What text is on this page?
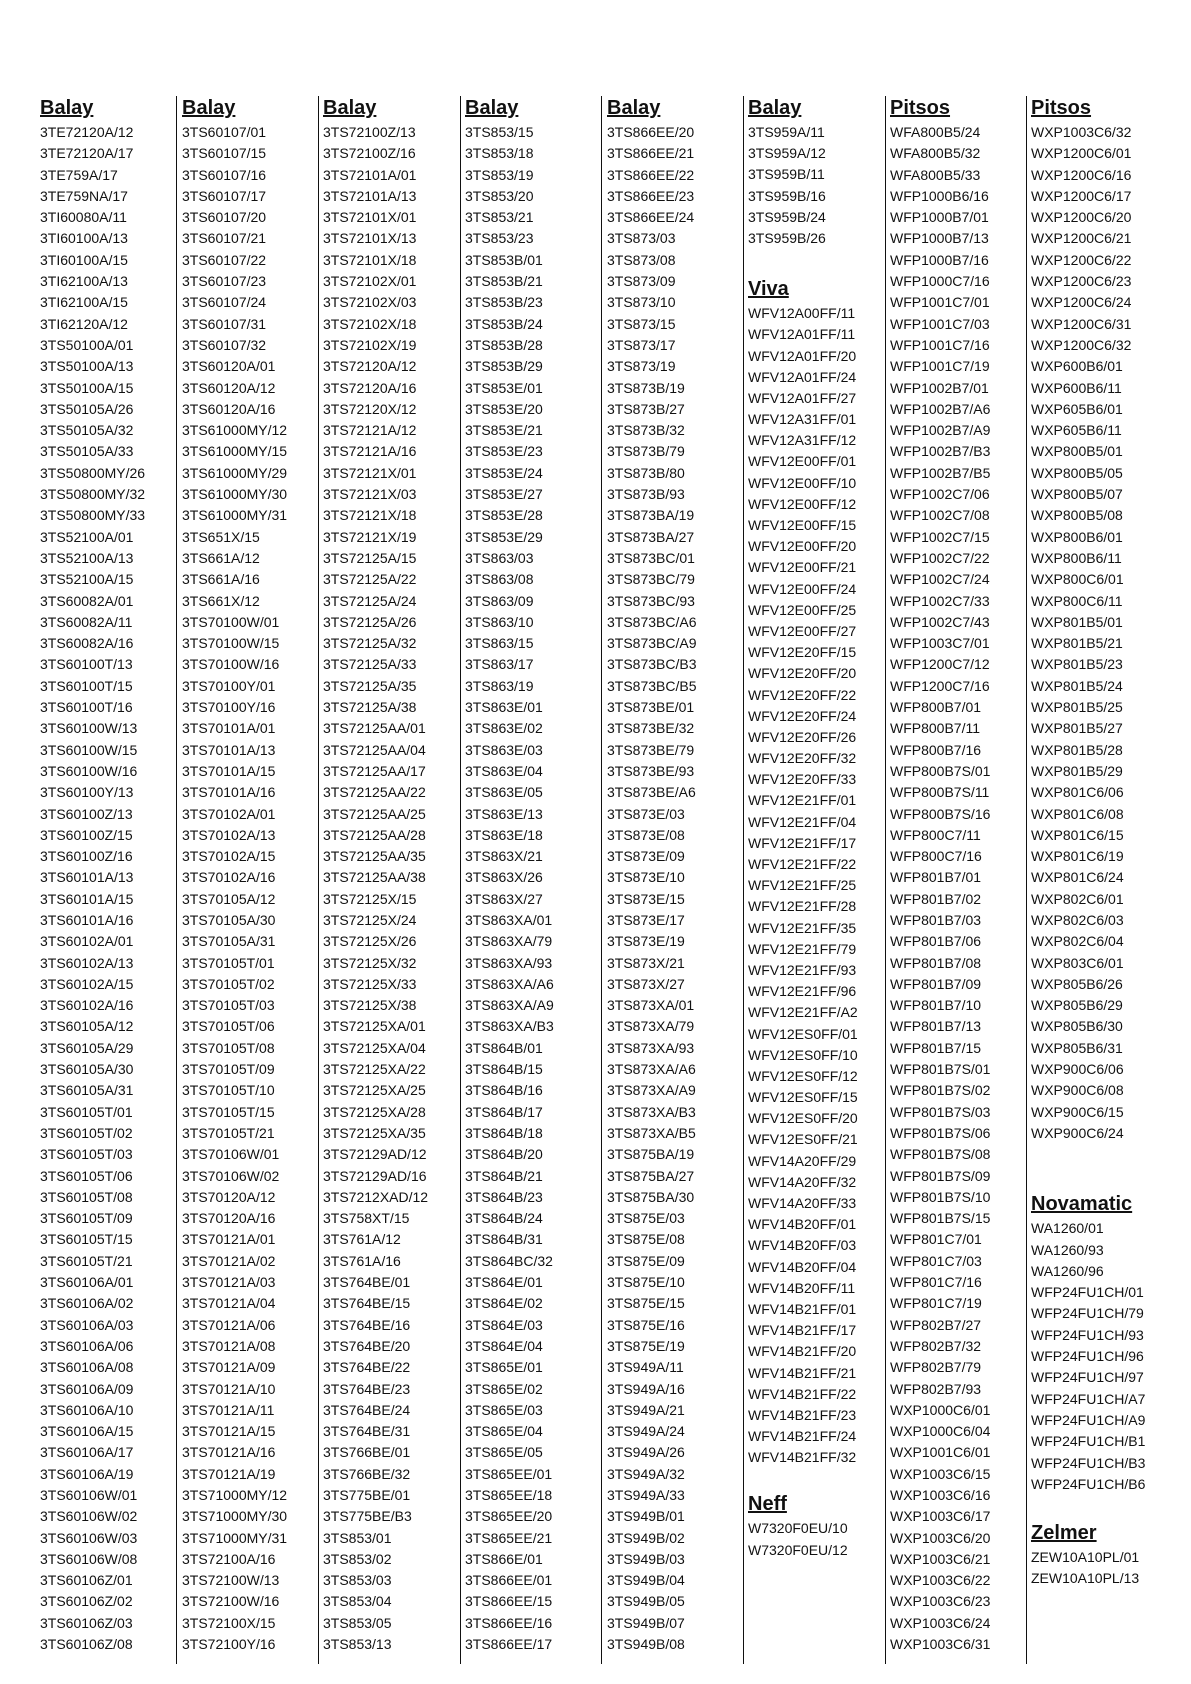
Balay
3TE72120A/12
3TE72120A/17
3TE759A/17
3TE759NA/17
3TI60080A/11
3TI60100A/13
3TI60100A/15
3TI62100A/13
3TI62100A/15
3TI62120A/12
3TS50100A/01
3TS50100A/13
3TS50100A/15
3TS50105A/26
3TS50105A/32
3TS50105A/33
3TS50800MY/26
3TS50800MY/32
3TS50800MY/33
3TS52100A/01
3TS52100A/13
3TS52100A/15
3TS60082A/01
3TS60082A/11
3TS60082A/16
3TS60100T/13
3TS60100T/15
3TS60100T/16
3TS60100W/13
3TS60100W/15
3TS60100W/16
3TS60100Y/13
3TS60100Z/13
3TS60100Z/15
3TS60100Z/16
3TS60101A/13
3TS60101A/15
3TS60101A/16
3TS60102A/01
3TS60102A/13
3TS60102A/15
3TS60102A/16
3TS60105A/12
3TS60105A/29
3TS60105A/30
3TS60105A/31
3TS60105T/01
3TS60105T/02
3TS60105T/03
3TS60105T/06
3TS60105T/08
3TS60105T/09
3TS60105T/15
3TS60105T/21
3TS60106A/01
3TS60106A/02
3TS60106A/03
3TS60106A/06
3TS60106A/08
3TS60106A/09
3TS60106A/10
3TS60106A/15
3TS60106A/17
3TS60106A/19
3TS60106W/01
3TS60106W/02
3TS60106W/03
3TS60106W/08
3TS60106Z/01
3TS60106Z/02
3TS60106Z/03
3TS60106Z/08
Balay
3TS60107/01
3TS60107/15
3TS60107/16
3TS60107/17
3TS60107/20
3TS60107/21
3TS60107/22
3TS60107/23
3TS60107/24
3TS60107/31
3TS60107/32
3TS60120A/01
3TS60120A/12
3TS60120A/16
3TS61000MY/12
3TS61000MY/15
3TS61000MY/29
3TS61000MY/30
3TS61000MY/31
3TS651X/15
3TS661A/12
3TS661A/16
3TS661X/12
3TS70100W/01
3TS70100W/15
3TS70100W/16
3TS70100Y/01
3TS70100Y/16
3TS70101A/01
3TS70101A/13
3TS70101A/15
3TS70101A/16
3TS70102A/01
3TS70102A/13
3TS70102A/15
3TS70102A/16
3TS70105A/12
3TS70105A/30
3TS70105A/31
3TS70105T/01
3TS70105T/02
3TS70105T/03
3TS70105T/06
3TS70105T/08
3TS70105T/09
3TS70105T/10
3TS70105T/15
3TS70105T/21
3TS70106W/01
3TS70106W/02
3TS70120A/12
3TS70120A/16
3TS70121A/01
3TS70121A/02
3TS70121A/03
3TS70121A/04
3TS70121A/06
3TS70121A/08
3TS70121A/09
3TS70121A/10
3TS70121A/11
3TS70121A/15
3TS70121A/16
3TS70121A/19
3TS71000MY/12
3TS71000MY/30
3TS71000MY/31
3TS72100A/16
3TS72100W/13
3TS72100W/16
3TS72100X/15
3TS72100Y/16
Balay
3TS72100Z/13
3TS72100Z/16
3TS72101A/01
3TS72101A/13
3TS72101X/01
3TS72101X/13
3TS72101X/18
3TS72102X/01
3TS72102X/03
3TS72102X/18
3TS72102X/19
3TS72120A/12
3TS72120A/16
3TS72120X/12
3TS72121A/12
3TS72121A/16
3TS72121X/01
3TS72121X/03
3TS72121X/18
3TS72121X/19
3TS72125A/15
3TS72125A/22
3TS72125A/24
3TS72125A/26
3TS72125A/32
3TS72125A/33
3TS72125A/35
3TS72125A/38
3TS72125AA/01
3TS72125AA/04
3TS72125AA/17
3TS72125AA/22
3TS72125AA/25
3TS72125AA/28
3TS72125AA/35
3TS72125AA/38
3TS72125X/15
3TS72125X/24
3TS72125X/26
3TS72125X/32
3TS72125X/33
3TS72125X/38
3TS72125XA/01
3TS72125XA/04
3TS72125XA/22
3TS72125XA/25
3TS72125XA/28
3TS72125XA/35
3TS72129AD/12
3TS72129AD/16
3TS7212XAD/12
3TS758XT/15
3TS761A/12
3TS761A/16
3TS764BE/01
3TS764BE/15
3TS764BE/16
3TS764BE/20
3TS764BE/22
3TS764BE/23
3TS764BE/24
3TS764BE/31
3TS766BE/01
3TS766BE/32
3TS775BE/01
3TS775BE/B3
3TS853/01
3TS853/02
3TS853/03
3TS853/04
3TS853/05
3TS853/13
Balay
3TS853/15
3TS853/18
3TS853/19
3TS853/20
3TS853/21
3TS853/23
3TS853B/01
3TS853B/21
3TS853B/23
3TS853B/24
3TS853B/28
3TS853B/29
3TS853E/01
3TS853E/20
3TS853E/21
3TS853E/23
3TS853E/24
3TS853E/27
3TS853E/28
3TS853E/29
3TS863/03
3TS863/08
3TS863/09
3TS863/10
3TS863/15
3TS863/17
3TS863/19
3TS863E/01
3TS863E/02
3TS863E/03
3TS863E/04
3TS863E/05
3TS863E/13
3TS863E/18
3TS863X/21
3TS863X/26
3TS863X/27
3TS863XA/01
3TS863XA/79
3TS863XA/93
3TS863XA/A6
3TS863XA/A9
3TS863XA/B3
3TS864B/01
3TS864B/15
3TS864B/16
3TS864B/17
3TS864B/18
3TS864B/20
3TS864B/21
3TS864B/23
3TS864B/24
3TS864B/31
3TS864BC/32
3TS864E/01
3TS864E/02
3TS864E/03
3TS864E/04
3TS865E/01
3TS865E/02
3TS865E/03
3TS865E/04
3TS865E/05
3TS865EE/01
3TS865EE/18
3TS865EE/20
3TS865EE/21
3TS866E/01
3TS866EE/01
3TS866EE/15
3TS866EE/16
3TS866EE/17
Balay
3TS866EE/20
3TS866EE/21
3TS866EE/22
3TS866EE/23
3TS866EE/24
3TS873/03
3TS873/08
3TS873/09
3TS873/10
3TS873/15
3TS873/17
3TS873/19
3TS873B/19
3TS873B/27
3TS873B/32
3TS873B/79
3TS873B/80
3TS873B/93
3TS873BA/19
3TS873BA/27
3TS873BC/01
3TS873BC/79
3TS873BC/93
3TS873BC/A6
3TS873BC/A9
3TS873BC/B3
3TS873BC/B5
3TS873BE/01
3TS873BE/32
3TS873BE/79
3TS873BE/93
3TS873BE/A6
3TS873E/03
3TS873E/08
3TS873E/09
3TS873E/10
3TS873E/15
3TS873E/17
3TS873E/19
3TS873X/21
3TS873X/27
3TS873XA/01
3TS873XA/79
3TS873XA/93
3TS873XA/A6
3TS873XA/A9
3TS873XA/B3
3TS873XA/B5
3TS875BA/19
3TS875BA/27
3TS875BA/30
3TS875E/03
3TS875E/08
3TS875E/09
3TS875E/10
3TS875E/15
3TS875E/16
3TS875E/19
3TS949A/11
3TS949A/16
3TS949A/21
3TS949A/24
3TS949A/26
3TS949A/32
3TS949A/33
3TS949B/01
3TS949B/02
3TS949B/03
3TS949B/04
3TS949B/05
3TS949B/07
3TS949B/08
Balay
3TS959A/11
3TS959A/12
3TS959B/11
3TS959B/16
3TS959B/24
3TS959B/26
Viva
WFV12A00FF/11
WFV12A01FF/11
WFV12A01FF/20
WFV12A01FF/24
WFV12A01FF/27
WFV12A31FF/01
WFV12A31FF/12
WFV12E00FF/01
WFV12E00FF/10
WFV12E00FF/12
WFV12E00FF/15
WFV12E00FF/20
WFV12E00FF/21
WFV12E00FF/24
WFV12E00FF/25
WFV12E00FF/27
WFV12E20FF/15
WFV12E20FF/20
WFV12E20FF/22
WFV12E20FF/24
WFV12E20FF/26
WFV12E20FF/32
WFV12E20FF/33
WFV12E21FF/01
WFV12E21FF/04
WFV12E21FF/17
WFV12E21FF/22
WFV12E21FF/25
WFV12E21FF/28
WFV12E21FF/35
WFV12E21FF/79
WFV12E21FF/93
WFV12E21FF/96
WFV12E21FF/A2
WFV12ES0FF/01
WFV12ES0FF/10
WFV12ES0FF/12
WFV12ES0FF/15
WFV12ES0FF/20
WFV12ES0FF/21
WFV14A20FF/29
WFV14A20FF/32
WFV14A20FF/33
WFV14B20FF/01
WFV14B20FF/03
WFV14B20FF/04
WFV14B20FF/11
WFV14B21FF/01
WFV14B21FF/17
WFV14B21FF/20
WFV14B21FF/21
WFV14B21FF/22
WFV14B21FF/23
WFV14B21FF/24
WFV14B21FF/32
Neff
W7320F0EU/10
W7320F0EU/12
Pitsos
WFA800B5/24
WFA800B5/32
WFA800B5/33
WFP1000B6/16
WFP1000B7/01
WFP1000B7/13
WFP1000B7/16
WFP1000C7/16
WFP1001C7/01
WFP1001C7/03
WFP1001C7/16
WFP1001C7/19
WFP1002B7/01
WFP1002B7/A6
WFP1002B7/A9
WFP1002B7/B3
WFP1002B7/B5
WFP1002C7/06
WFP1002C7/08
WFP1002C7/15
WFP1002C7/22
WFP1002C7/24
WFP1002C7/33
WFP1002C7/43
WFP1003C7/01
WFP1200C7/12
WFP1200C7/16
WFP800B7/01
WFP800B7/11
WFP800B7/16
WFP800B7S/01
WFP800B7S/11
WFP800B7S/16
WFP800C7/11
WFP800C7/16
WFP801B7/01
WFP801B7/02
WFP801B7/03
WFP801B7/06
WFP801B7/08
WFP801B7/09
WFP801B7/10
WFP801B7/13
WFP801B7/15
WFP801B7S/01
WFP801B7S/02
WFP801B7S/03
WFP801B7S/06
WFP801B7S/08
WFP801B7S/09
WFP801B7S/10
WFP801B7S/15
WFP801C7/01
WFP801C7/03
WFP801C7/16
WFP801C7/19
WFP802B7/27
WFP802B7/32
WFP802B7/79
WFP802B7/93
WXP1000C6/01
WXP1000C6/04
WXP1001C6/01
WXP1003C6/15
WXP1003C6/16
WXP1003C6/17
WXP1003C6/20
WXP1003C6/21
WXP1003C6/22
WXP1003C6/23
WXP1003C6/24
WXP1003C6/31
Pitsos
WXP1003C6/32
WXP1200C6/01
WXP1200C6/16
WXP1200C6/17
WXP1200C6/20
WXP1200C6/21
WXP1200C6/22
WXP1200C6/23
WXP1200C6/24
WXP1200C6/31
WXP1200C6/32
WXP600B6/01
WXP600B6/11
WXP605B6/01
WXP605B6/11
WXP800B5/01
WXP800B5/05
WXP800B5/07
WXP800B5/08
WXP800B6/01
WXP800B6/11
WXP800C6/01
WXP800C6/11
WXP801B5/01
WXP801B5/21
WXP801B5/23
WXP801B5/24
WXP801B5/25
WXP801B5/27
WXP801B5/28
WXP801B5/29
WXP801C6/06
WXP801C6/08
WXP801C6/15
WXP801C6/19
WXP801C6/24
WXP802C6/01
WXP802C6/03
WXP802C6/04
WXP803C6/01
WXP805B6/26
WXP805B6/29
WXP805B6/30
WXP805B6/31
WXP900C6/06
WXP900C6/08
WXP900C6/15
WXP900C6/24
Novamatic
WA1260/01
WA1260/93
WA1260/96
WFP24FU1CH/01
WFP24FU1CH/79
WFP24FU1CH/93
WFP24FU1CH/96
WFP24FU1CH/97
WFP24FU1CH/A7
WFP24FU1CH/A9
WFP24FU1CH/B1
WFP24FU1CH/B3
WFP24FU1CH/B6
Zelmer
ZEW10A10PL/01
ZEW10A10PL/13
